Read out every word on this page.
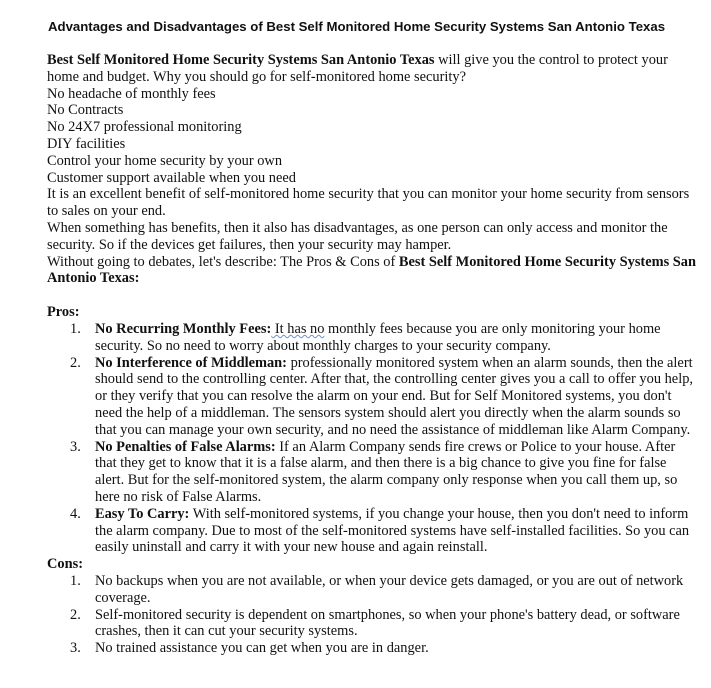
Advantages and Disadvantages of Best Self Monitored Home Security Systems San Antonio Texas

Best Self Monitored Home Security Systems San Antonio Texas will give you the control to protect your home and budget. Why you should go for self-monitored home security?

No headache of monthly fees

No Contracts

No 24X7 professional monitoring

DIY facilities

Control your home security by your own

Customer support available when you need

It is an excellent benefit of self-monitored home security that you can monitor your home security from sensors to sales on your end.

When something has benefits, then it also has disadvantages, as one person can only access and monitor the security. So if the devices get failures, then your security may hamper.

Without going to debates, let's describe: The Pros & Cons of Best Self Monitored Home Security Systems San Antonio Texas:

Pros:

1. No Recurring Monthly Fees: It has no monthly fees because you are only monitoring your home security. So no need to worry about monthly charges to your security company.
2. No Interference of Middleman: professionally monitored system when an alarm sounds, then the alert should send to the controlling center. After that, the controlling center gives you a call to offer you help, or they verify that you can resolve the alarm on your end. But for Self Monitored systems, you don't need the help of a middleman. The sensors system should alert you directly when the alarm sounds so that you can manage your own security, and no need the assistance of middleman like Alarm Company.
3. No Penalties of False Alarms: If an Alarm Company sends fire crews or Police to your house. After that they get to know that it is a false alarm, and then there is a big chance to give you fine for false alert. But for the self-monitored system, the alarm company only response when you call them up, so here no risk of False Alarms.
4. Easy To Carry: With self-monitored systems, if you change your house, then you don't need to inform the alarm company. Due to most of the self-monitored systems have self-installed facilities. So you can easily uninstall and carry it with your new house and again reinstall.

Cons:

1. No backups when you are not available, or when your device gets damaged, or you are out of network coverage.
2. Self-monitored security is dependent on smartphones, so when your phone's battery dead, or software crashes, then it can cut your security systems.
3. No trained assistance you can get when you are in danger.
